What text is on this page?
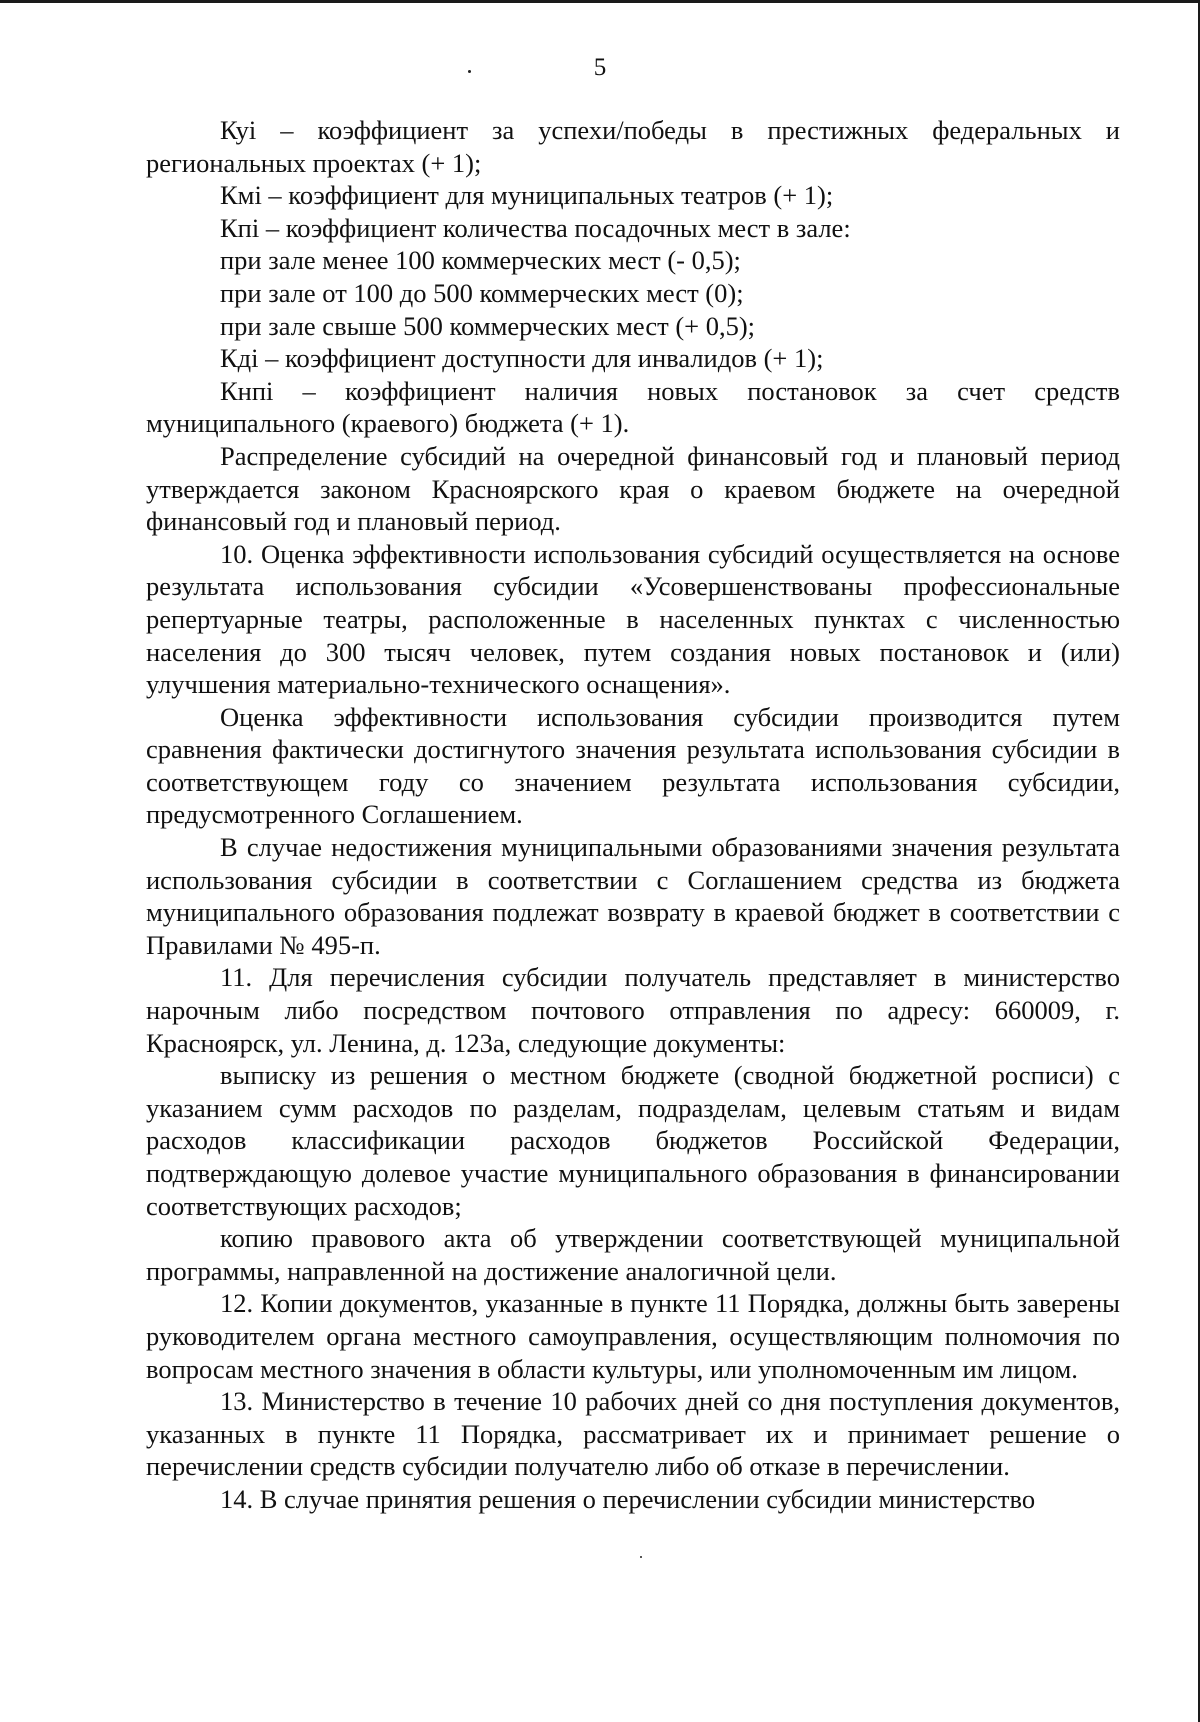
5

Куі – коэффициент за успехи/победы в престижных федеральных и региональных проектах (+ 1);

Кмі – коэффициент для муниципальных театров (+ 1);

Кпі – коэффициент количества посадочных мест в зале:

при зале менее 100 коммерческих мест (- 0,5);

при зале от 100 до 500 коммерческих мест (0);

при зале свыше 500 коммерческих мест (+ 0,5);

Кді – коэффициент доступности для инвалидов (+ 1);

Кнпі – коэффициент наличия новых постановок за счет средств муниципального (краевого) бюджета (+ 1).

Распределение субсидий на очередной финансовый год и плановый период утверждается законом Красноярского края о краевом бюджете на очередной финансовый год и плановый период.

10. Оценка эффективности использования субсидий осуществляется на основе результата использования субсидии «Усовершенствованы профессиональные репертуарные театры, расположенные в населенных пунктах с численностью населения до 300 тысяч человек, путем создания новых постановок и (или) улучшения материально-технического оснащения».

Оценка эффективности использования субсидии производится путем сравнения фактически достигнутого значения результата использования субсидии в соответствующем году со значением результата использования субсидии, предусмотренного Соглашением.

В случае недостижения муниципальными образованиями значения результата использования субсидии в соответствии с Соглашением средства из бюджета муниципального образования подлежат возврату в краевой бюджет в соответствии с Правилами № 495-п.

11. Для перечисления субсидии получатель представляет в министерство нарочным либо посредством почтового отправления по адресу: 660009, г. Красноярск, ул. Ленина, д. 123а, следующие документы:

выписку из решения о местном бюджете (сводной бюджетной росписи) с указанием сумм расходов по разделам, подразделам, целевым статьям и видам расходов классификации расходов бюджетов Российской Федерации, подтверждающую долевое участие муниципального образования в финансировании соответствующих расходов;

копию правового акта об утверждении соответствующей муниципальной программы, направленной на достижение аналогичной цели.

12. Копии документов, указанные в пункте 11 Порядка, должны быть заверены руководителем органа местного самоуправления, осуществляющим полномочия по вопросам местного значения в области культуры, или уполномоченным им лицом.

13. Министерство в течение 10 рабочих дней со дня поступления документов, указанных в пункте 11 Порядка, рассматривает их и принимает решение о перечислении средств субсидии получателю либо об отказе в перечислении.

14. В случае принятия решения о перечислении субсидии министерство
